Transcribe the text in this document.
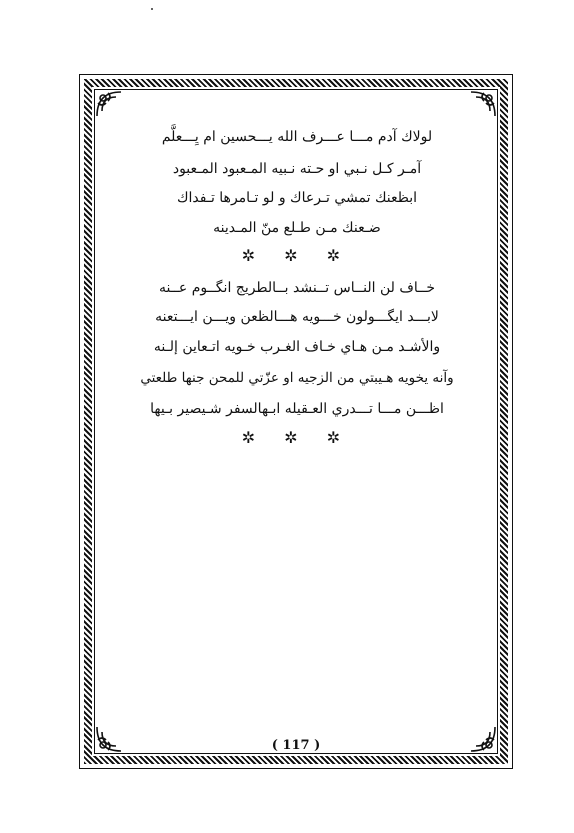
لولاك آدم مـــا عـــرف الله يـــحسين ام يِـــعلَّم
آمـر كـل نـبي او حـته نـبيه المـعبود المـعبود
ابظعنك تمشي تـرعاك و لو تـامرها تـفداك
ضـعنك مـن طـلع منّ المـدينه
✲ ✲ ✲
خــاف لن النــاس تــنشد بــالطريج انگــوم عــنه
لابـــد ايگـــولون خـــويه هـــالظعن ويـــن ايـــتعنه
والأشـد مـن هـاي خـاف الغـرب خـويه اتـعاين إلـنه
وآنه يخويه هـيبتي من الزجيه او عزّتي للمحن جنها طلعتي
اظـــن مـــا تـــدري العـقيله ابـهالسفر شـيصير بـيها
✲ ✲ ✲
( 117 )
